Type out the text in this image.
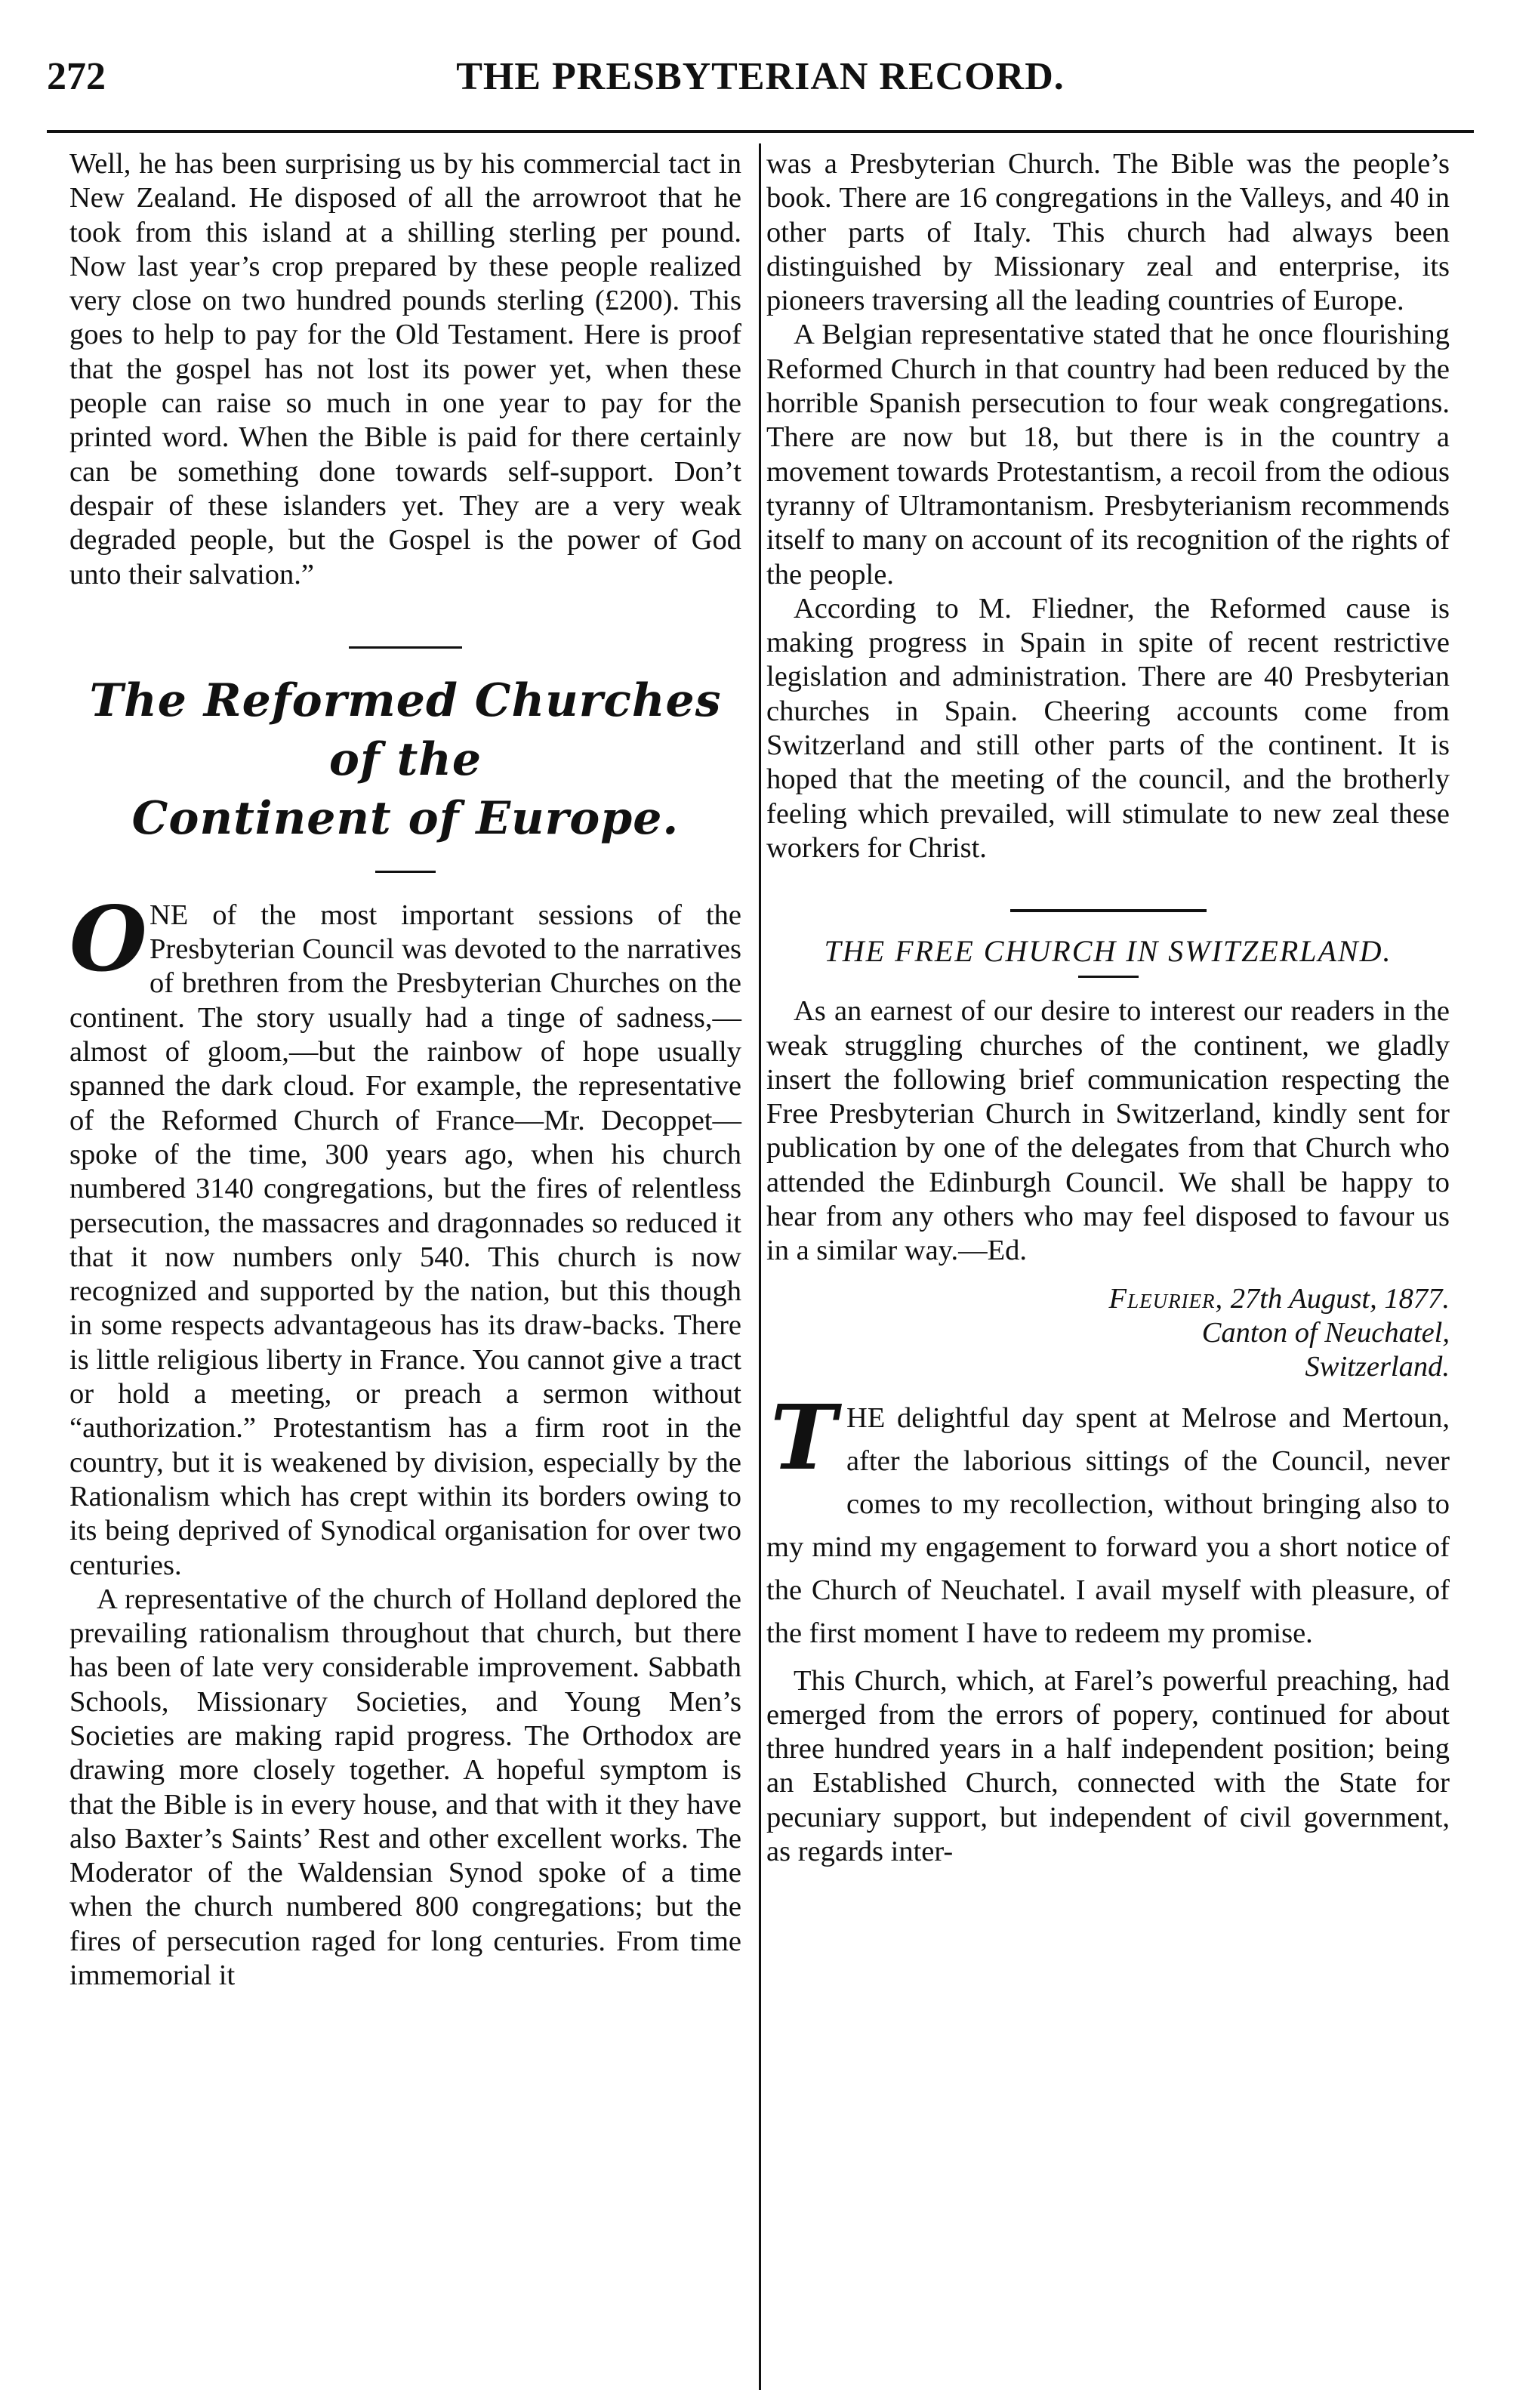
272	THE PRESBYTERIAN RECORD.

Well, he has been surprising us by his commercial tact in New Zealand. He disposed of all the arrowroot that he took from this island at a shilling sterling per pound. Now last year’s crop prepared by these people realized very close on two hundred pounds sterling (£200). This goes to help to pay for the Old Testament. Here is proof that the gospel has not lost its power yet, when these people can raise so much in one year to pay for the printed word. When the Bible is paid for there certainly can be something done towards self-support. Don’t despair of these islanders yet. They are a very weak degraded people, but the Gospel is the power of God unto their salvation.”

The Reformed Churches of the
Continent of Europe.

O NE of the most important sessions of the Presbyterian Council was devoted to the narratives of brethren from the Presbyterian Churches on the continent. The story usually had a tinge of sadness,—almost of gloom,—but the rainbow of hope usually spanned the dark cloud. For example, the representative of the Reformed Church of France—Mr. Decoppet—spoke of the time, 300 years ago, when his church numbered 3140 congregations, but the fires of relentless persecution, the massacres and dragonnades so reduced it that it now numbers only 540. This church is now recognized and supported by the nation, but this though in some respects advantageous has its draw-backs. There is little religious liberty in France. You cannot give a tract or hold a meeting, or preach a sermon without “authorization.” Protestantism has a firm root in the country, but it is weakened by division, especially by the Rationalism which has crept within its borders owing to its being deprived of Synodical organisation for over two centuries.

A representative of the church of Holland deplored the prevailing rationalism throughout that church, but there has been of late very considerable improvement. Sabbath Schools, Missionary Societies, and Young Men’s Societies are making rapid progress. The Orthodox are drawing more closely together. A hopeful symptom is that the Bible is in every house, and that with it they have also Baxter’s Saints’ Rest and other excellent works. The Moderator of the Waldensian Synod spoke of a time when the church numbered 800 congregations; but the fires of persecution raged for long centuries. From time immemorial it

was a Presbyterian Church. The Bible was the people’s book. There are 16 congregations in the Valleys, and 40 in other parts of Italy. This church had always been distinguished by Missionary zeal and enterprise, its pioneers traversing all the leading countries of Europe.

A Belgian representative stated that he once flourishing Reformed Church in that country had been reduced by the horrible Spanish persecution to four weak congregations. There are now but 18, but there is in the country a movement towards Protestantism, a recoil from the odious tyranny of Ultramontanism. Presbyterianism recommends itself to many on account of its recognition of the rights of the people.

According to M. Fliedner, the Reformed cause is making progress in Spain in spite of recent restrictive legislation and administration. There are 40 Presbyterian churches in Spain. Cheering accounts come from Switzerland and still other parts of the continent. It is hoped that the meeting of the council, and the brotherly feeling which prevailed, will stimulate to new zeal these workers for Christ.

THE FREE CHURCH IN SWITZERLAND.

As an earnest of our desire to interest our readers in the weak struggling churches of the continent, we gladly insert the following brief communication respecting the Free Presbyterian Church in Switzerland, kindly sent for publication by one of the delegates from that Church who attended the Edinburgh Council. We shall be happy to hear from any others who may feel disposed to favour us in a similar way.—Ed.

Fleurier, 27th August, 1877.
Canton of Neuchatel,
Switzerland.

T HE delightful day spent at Melrose and Mertoun, after the laborious sittings of the Council, never comes to my recollection, without bringing also to my mind my engagement to forward you a short notice of the Church of Neuchatel. I avail myself with pleasure, of the first moment I have to redeem my promise.

This Church, which, at Farel’s powerful preaching, had emerged from the errors of popery, continued for about three hundred years in a half independent position; being an Established Church, connected with the State for pecuniary support, but independent of civil government, as regards inter-
